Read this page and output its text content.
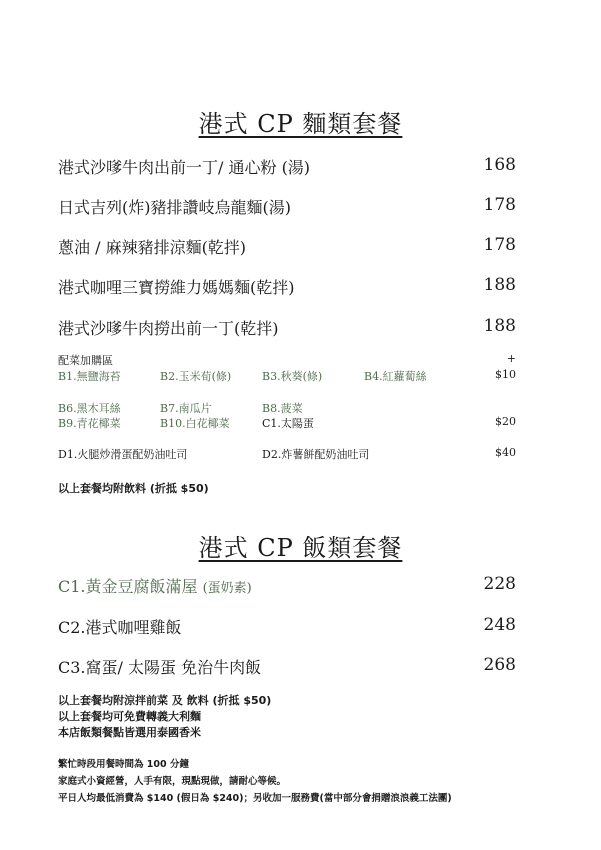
港式 CP 麵類套餐
港式沙嗲牛肉出前一丁/ 通心粉 (湯)	168
日式吉列(炸)豬排讚岐烏龍麵(湯)	178
蔥油 / 麻辣豬排涼麵(乾拌)	178
港式咖哩三寶撈維力媽媽麵(乾拌)	188
港式沙嗲牛肉撈出前一丁(乾拌)	188
配菜加購區	+
B1.無鹽海苔	B2.玉米荀(條)	B3.秋葵(條)	B4.紅蘿蔔絲	$10
B6.黑木耳絲	B7.南瓜片	B8.菠菜
B9.青花椰菜	B10.白花椰菜	C1.太陽蛋	$20
D1.火腿炒滑蛋配奶油吐司	D2.炸薯餅配奶油吐司	$40
以上套餐均附飲料 (折抵 $50)
港式 CP 飯類套餐
C1.黃金豆腐飯滿屋 (蛋奶素)	228
C2.港式咖哩雞飯	248
C3.窩蛋/ 太陽蛋 免治牛肉飯	268
以上套餐均附涼拌前菜 及 飲料 (折抵 $50)
以上套餐均可免費轉義大利麵
本店飯類餐點皆選用泰國香米
繁忙時段用餐時間為 100 分鐘
家庭式小資經營，人手有限，現點現做，請耐心等候。
平日人均最低消費為 $140 (假日為 $240)；另收加一服務費(當中部分會捐贈浪浪義工法團)
